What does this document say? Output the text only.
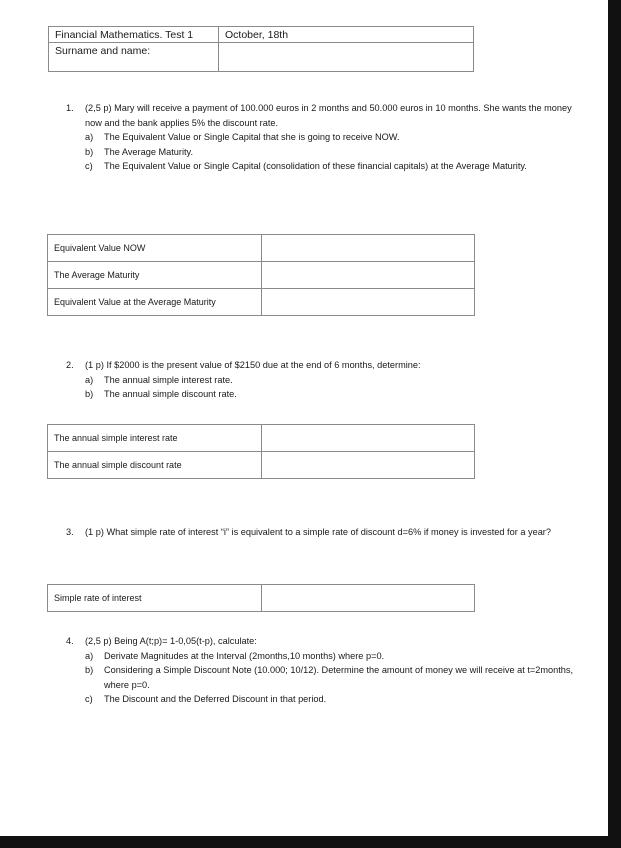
Financial Mathematics. Test 1	October, 18th
Surname and name:	
1.	(2,5 p) Mary will receive a payment of 100.000 euros in 2 months and 50.000 euros in 10 months. She wants the money now and the bank applies 5% the discount rate.
a) The Equivalent Value or Single Capital that she is going to receive NOW.
b) The Average Maturity.
c) The Equivalent Value or Single Capital (consolidation of these financial capitals) at the Average Maturity.
Equivalent Value NOW	
The Average Maturity	
Equivalent Value at the Average Maturity	
2.	(1 p) If $2000 is the present value of $2150 due at the end of 6 months, determine:
a) The annual simple interest rate.
b) The annual simple discount rate.
The annual simple interest rate	
The annual simple discount rate	
3.	(1 p) What simple rate of interest “i” is equivalent to a simple rate of discount d=6% if money is invested for a year?
Simple rate of interest	
4.	(2,5 p) Being A(t;p)= 1-0,05(t-p), calculate:
a) Derivate Magnitudes at the Interval (2months,10 months) where p=0.
b) Considering a Simple Discount Note (10.000; 10/12). Determine the amount of money we will receive at t=2months, where p=0.
c) The Discount and the Deferred Discount in that period.
